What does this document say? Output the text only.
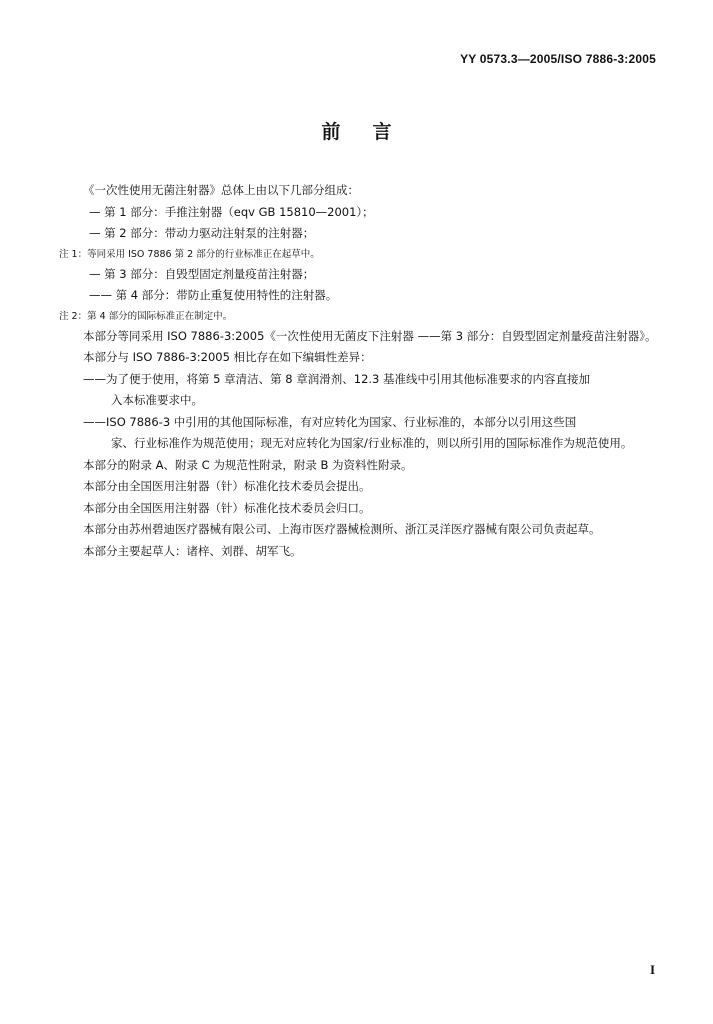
YY 0573.3—2005/ISO 7886-3:2005
前言

《一次性使用无菌注射器》总体上由以下几部分组成：

— 第 1 部分：手推注射器（eqv GB 15810—2001）；

— 第 2 部分：带动力驱动注射泵的注射器；

注 1：等同采用 ISO 7886 第 2 部分的行业标准正在起草中。

— 第 3 部分：自毁型固定剂量疫苗注射器；

—— 第 4 部分：带防止重复使用特性的注射器。

注 2：第 4 部分的国际标准正在制定中。

本部分等同采用 ISO 7886-3:2005《一次性使用无菌皮下注射器 ——第 3 部分：自毁型固定剂量疫苗注射器》。

本部分与 ISO 7886-3:2005 相比存在如下编辑性差异：

——为了便于使用，将第 5 章清洁、第 8 章润滑剂、12.3 基准线中引用其他标准要求的内容直接加
入本标准要求中。
——ISO 7886-3 中引用的其他国际标准，有对应转化为国家、行业标准的，本部分以引用这些国
家、行业标准作为规范使用；现无对应转化为国家/行业标准的，则以所引用的国际标准作为规范使用。

本部分的附录 A、附录 C 为规范性附录，附录 B 为资料性附录。

本部分由全国医用注射器（针）标准化技术委员会提出。

本部分由全国医用注射器（针）标准化技术委员会归口。

本部分由苏州碧迪医疗器械有限公司、上海市医疗器械检测所、浙江灵洋医疗器械有限公司负责起草。

本部分主要起草人：诸梓、刘群、胡军飞。

I
